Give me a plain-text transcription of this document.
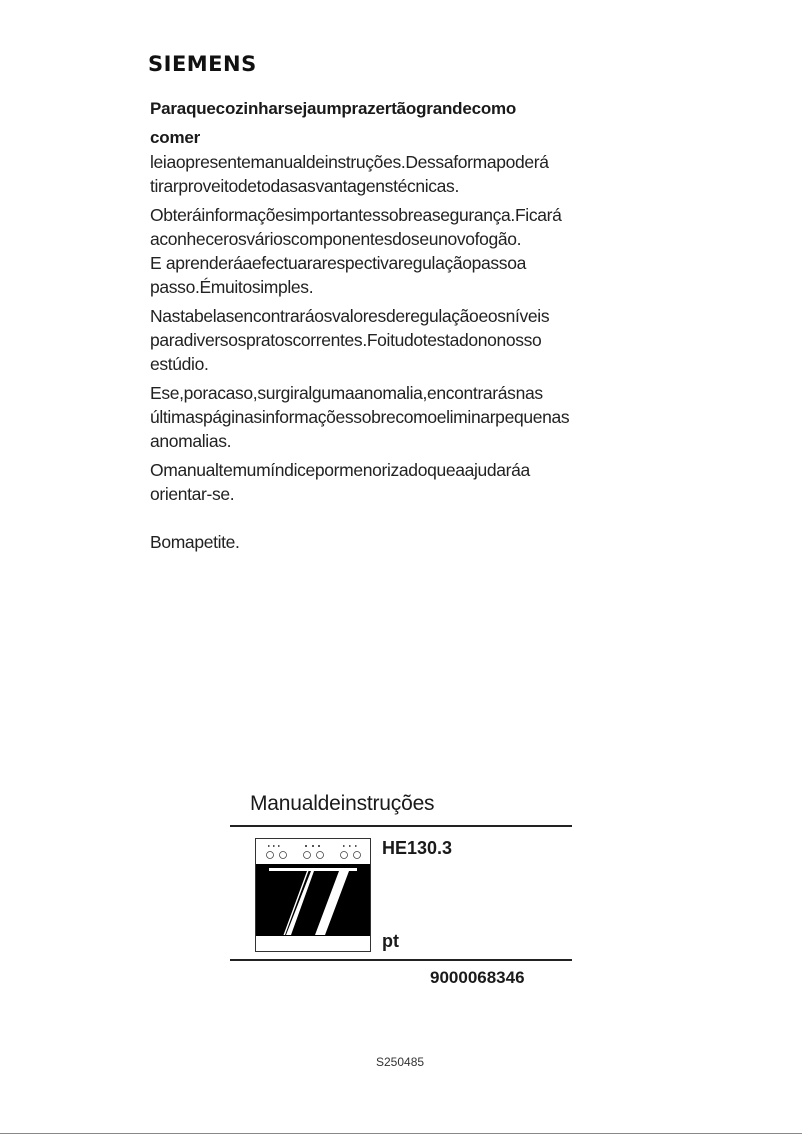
SIEMENS
Paraquecozinharsejaumprazertãograndecomo
comer

leiaopresentemanualdeinstruções.Dessaformapoderá
tirarproveitodetodasasvantagenstécnicas.

Obteráinformaçõesimportantessobreasegurança.Ficará
aconhecerosvárioscomponentesdoseunovofogão.
E aprenderáaefectuararespectivaregulaçãopassoa
passo.Émuitosimples.

Nastabelasencontraráosvaloresderegulaçãoeosníveis
paradiversospratoscorrentes.Foitudotestadononosso
estúdio.

Ese,poracaso,surgiralgumaanomalia,encontrarásnas
últimaspáginasinformaçõessobrecomoeliminarpequenas
anomalias.

Omanualtemumíndicepormenorizadoqueaajudaráa
orientar-se.

Bomapetite.

Manualdeinstruções
HE130.3
pt
9000068346
S250485
